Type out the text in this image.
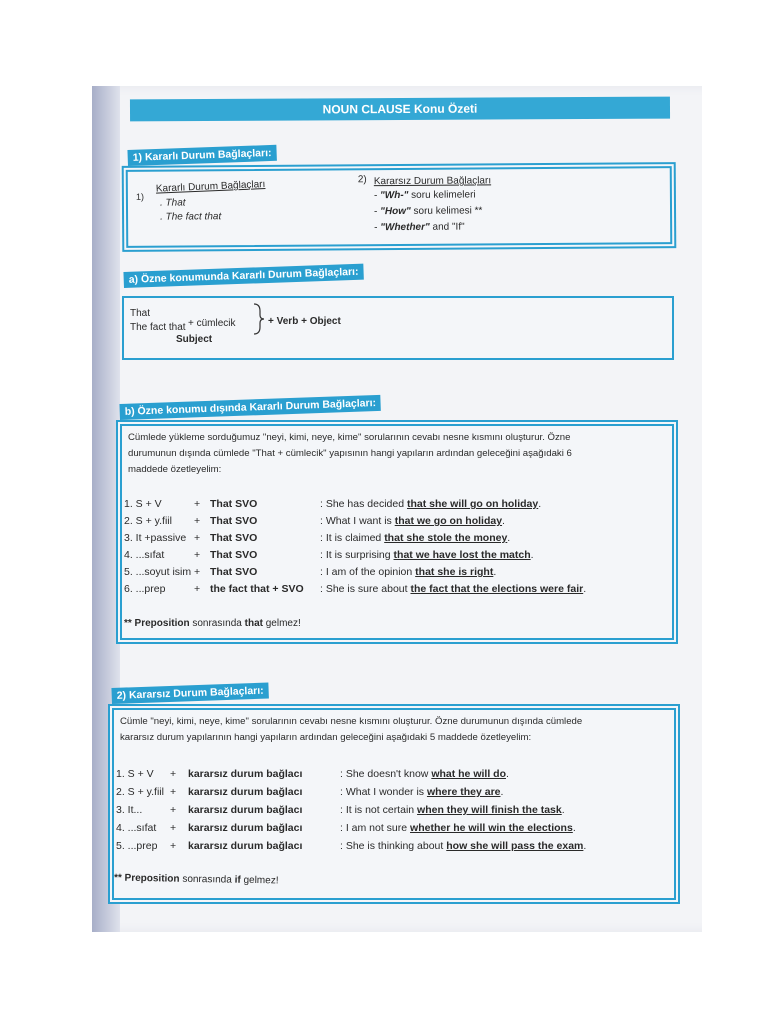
NOUN CLAUSE Konu Özeti
1) Kararlı Durum Bağlaçları:
1)
Kararlı Durum Bağlaçları
. That
. The fact that
2) Kararsız Durum Bağlaçları
- "Wh-" soru kelimeleri
- "How" soru kelimesi **
- "Whether" and "If"
a) Özne konumunda Kararlı Durum Bağlaçları:
That
The fact that + cümlecik
Subject
+ Verb + Object
b) Özne konumu dışında Kararlı Durum Bağlaçları:
Cümlede yükleme sorduğumuz "neyi, kimi, neye, kime" sorularının cevabı nesne kısmını oluşturur. Özne
durumunun dışında cümlede "That + cümlecik" yapısının hangi yapıların ardından geleceğini aşağıdaki 6
maddede özetleyelim:
1. S + V	+ That SVO	: She has decided that she will go on holiday.
2. S + y.fiil + That SVO	: What I want is that we go on holiday.
3. It +passive + That SVO	: It is claimed that she stole the money.
4. ...sıfat	+ That SVO	: It is surprising that we have lost the match.
5. ...soyut isim + That SVO	: I am of the opinion that she is right.
6. ...prep	+ the fact that + SVO : She is sure about the fact that the elections were fair.
** Preposition sonrasında that gelmez!
2) Kararsız Durum Bağlaçları:
Cümle "neyi, kimi, neye, kime" sorularının cevabı nesne kısmını oluşturur. Özne durumunun dışında cümlede
kararsız durum yapılarının hangi yapıların ardından geleceğini aşağıdaki 5 maddede özetleyelim:
1. S + V + kararsız durum bağlacı	: She doesn't know what he will do.
2. S + y.fiil + kararsız durum bağlacı	: What I wonder is where they are.
3. It...	+ kararsız durum bağlacı	: It is not certain when they will finish the task.
4. ...sıfat + kararsız durum bağlacı	: I am not sure whether he will win the elections.
5. ...prep + kararsız durum bağlacı	: She is thinking about how she will pass the exam.
** Preposition sonrasında if gelmez!
